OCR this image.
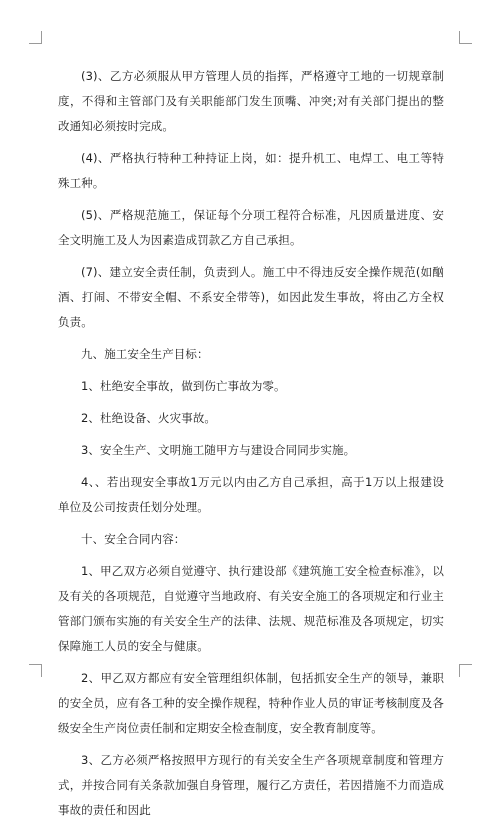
(3)、乙方必须服从甲方管理人员的指挥，严格遵守工地的一切规章制度，不得和主管部门及有关职能部门发生顶嘴、冲突;对有关部门提出的整改通知必须按时完成。

(4)、严格执行特种工种持证上岗，如：提升机工、电焊工、电工等特殊工种。

(5)、严格规范施工，保证每个分项工程符合标准，凡因质量进度、安全文明施工及人为因素造成罚款乙方自己承担。

(7)、建立安全责任制，负责到人。施工中不得违反安全操作规范(如酗酒、打闹、不带安全帽、不系安全带等)，如因此发生事故，将由乙方全权负责。

九、施工安全生产目标：

1、杜绝安全事故，做到伤亡事故为零。

2、杜绝设备、火灾事故。

3、安全生产、文明施工随甲方与建设合同同步实施。

4、、若出现安全事故1万元以内由乙方自己承担，高于1万以上报建设单位及公司按责任划分处理。

十、安全合同内容：

1、甲乙双方必须自觉遵守、执行建设部《建筑施工安全检查标准》，以及有关的各项规范，自觉遵守当地政府、有关安全施工的各项规定和行业主管部门颁布实施的有关安全生产的法律、法规、规范标准及各项规定，切实保障施工人员的安全与健康。

2、甲乙双方都应有安全管理组织体制，包括抓安全生产的领导，兼职的安全员，应有各工种的安全操作规程，特种作业人员的审证考核制度及各级安全生产岗位责任制和定期安全检查制度，安全教育制度等。

3、乙方必须严格按照甲方现行的有关安全生产各项规章制度和管理方式，并按合同有关条款加强自身管理，履行乙方责任，若因措施不力而造成事故的责任和因此
